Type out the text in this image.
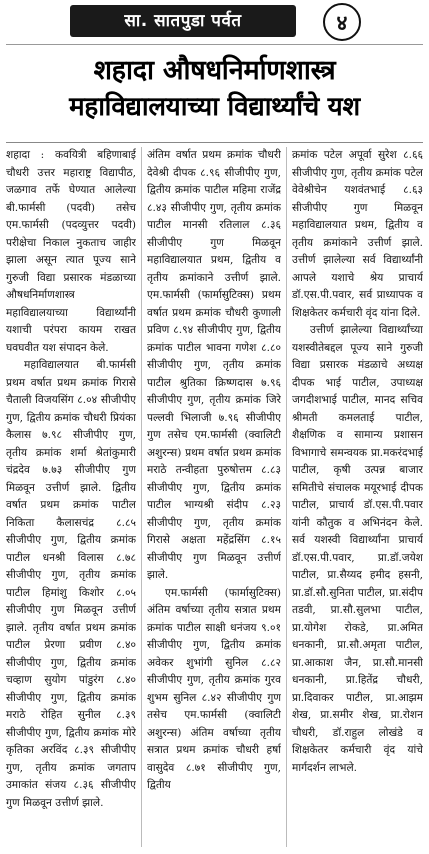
सा. सातपुडा पर्वत	४
शहादा औषधनिर्माणशास्त्र
महाविद्यालयाच्या विद्यार्थ्यांचे यश

शहादा : कवयित्री बहिणाबाई चौधरी उत्तर महाराष्ट्र विद्यापीठ, जळगाव तर्फे घेण्यात आलेल्या बी.फार्मसी (पदवी) तसेच एम.फार्मसी (पदव्युत्तर पदवी) परीक्षेचा निकाल नुकताच जाहीर झाला असून त्यात पूज्य साने गुरुजी विद्या प्रसारक मंडळाच्या औषधनिर्माणशास्त्र महाविद्यालयाच्या विद्यार्थ्यांनी यशाची परंपरा कायम राखत घवघवीत यश संपादन केले.

महाविद्यालयात बी.फार्मसी प्रथम वर्षात प्रथम क्रमांक गिरासे चैताली विजयसिंग ८.०४ सीजीपीए गुण, द्वितीय क्रमांक चौधरी प्रियंका कैलास ७.९८ सीजीपीए गुण, तृतीय क्रमांक शर्मा श्रेतांकुमारी चंद्रदेव ७.७३ सीजीपीए गुण मिळवून उत्तीर्ण झाले. द्वितीय वर्षात प्रथम क्रमांक पाटील निकिता कैलासचंद्र ८.८५ सीजीपीए गुण, द्वितीय क्रमांक पाटील धनश्री विलास ८.७८ सीजीपीए गुण, तृतीय क्रमांक पाटील हिमांशु किशोर ८.०५ सीजीपीए गुण मिळवून उत्तीर्ण झाले. तृतीय वर्षात प्रथम क्रमांक पाटील प्रेरणा प्रवीण ८.४० सीजीपीए गुण, द्वितीय क्रमांक चव्हाण सुयोग पांडुरंग ८.४० सीजीपीए गुण, द्वितीय क्रमांक मराठे रोहित सुनील ८.३९ सीजीपीए गुण, द्वितीय क्रमांक मोरे कृतिका अरविंद ८.३९ सीजीपीए गुण, तृतीय क्रमांक जगताप उमाकांत संजय ८.३६ सीजीपीए गुण मिळवून उत्तीर्ण झाले.

अंतिम वर्षात प्रथम क्रमांक चौधरी देवेश्री दीपक ८.९६ सीजीपीए गुण, द्वितीय क्रमांक पाटील महिमा राजेंद्र ८.४३ सीजीपीए गुण, तृतीय क्रमांक पाटील मानसी रतिलाल ८.३६ सीजीपीए गुण मिळवून महाविद्यालयात प्रथम, द्वितीय व तृतीय क्रमांकाने उत्तीर्ण झाले. एम.फार्मसी (फार्मासुटिक्स) प्रथम वर्षात प्रथम क्रमांक चौधरी कुणाली प्रविण ८.९४ सीजीपीए गुण, द्वितीय क्रमांक पाटील भावना गणेश ८.८० सीजीपीए गुण, तृतीय क्रमांक पाटील श्रुतिका क्रिष्णदास ७.९६ सीजीपीए गुण, तृतीय क्रमांक जिरे पल्लवी भिलाजी ७.९६ सीजीपीए गुण तसेच एम.फार्मसी (क्वालिटी अशुरन्स) प्रथम वर्षात प्रथम क्रमांक मराठे तन्वीहता पुरुषोत्तम ८.८३ सीजीपीए गुण, द्वितीय क्रमांक पाटील भाग्यश्री संदीप ८.२३ सीजीपीए गुण, तृतीय क्रमांक गिरासे अक्षता महेंद्रसिंग ८.१५ सीजीपीए गुण मिळवून उत्तीर्ण झाले.

एम.फार्मसी (फार्मासुटिक्स) अंतिम वर्षाच्या तृतीय सत्रात प्रथम क्रमांक पाटील साक्षी धनंजय ९.०१ सीजीपीए गुण, द्वितीय क्रमांक अवेकर शुभांगी सुनिल ८.८२ सीजीपीए गुण, तृतीय क्रमांक गुरव शुभम सुनिल ८.४२ सीजीपीए गुण तसेच एम.फार्मसी (क्वालिटी अशुरन्स) अंतिम वर्षाच्या तृतीय सत्रात प्रथम क्रमांक चौधरी हर्षा वासुदेव ८.७१ सीजीपीए गुण, द्वितीय

क्रमांक पटेल अपूर्वा सुरेश ८.६६ सीजीपीए गुण, तृतीय क्रमांक पटेल वेवेश्रीचेन यशवंतभाई ८.६३ सीजीपीए गुण मिळवून महाविद्यालयात प्रथम, द्वितीय व तृतीय क्रमांकाने उत्तीर्ण झाले. उत्तीर्ण झालेल्या सर्व विद्यार्थ्यांनी आपले यशाचे श्रेय प्राचार्य डॉ.एस.पी.पवार, सर्व प्राध्यापक व शिक्षकेतर कर्मचारी वृंद यांना दिले.

उत्तीर्ण झालेल्या विद्यार्थ्यांच्या यशस्वीतेबद्दल पूज्य साने गुरुजी विद्या प्रसारक मंडळाचे अध्यक्ष दीपक भाई पाटील, उपाध्यक्ष जगदीशभाई पाटील, मानद सचिव श्रीमती कमलताई पाटील, शैक्षणिक व सामान्य प्रशासन विभागाचे समन्वयक प्रा.मकरंदभाई पाटील, कृषी उत्पन्न बाजार समितीचे संचालक मयूरभाई दीपक पाटील, प्राचार्य डॉ.एस.पी.पवार यांनी कौतुक व अभिनंदन केले. सर्व यशस्वी विद्यार्थ्यांना प्राचार्य डॉ.एस.पी.पवार, प्रा.डॉ.जयेश पाटील, प्रा.सैय्यद हमीद हसनी, प्रा.डॉ.सौ.सुनिता पाटील, प्रा.संदीप तडवी, प्रा.सौ.सुलभा पाटील, प्रा.योगेश रोकडे, प्रा.अमित धनकानी, प्रा.सौ.अमृता पाटील, प्रा.आकाश जैन, प्रा.सौ.मानसी धनकानी, प्रा.हितेंद्र चौधरी, प्रा.दिवाकर पाटील, प्रा.आझम शेख, प्रा.समीर शेख, प्रा.रोशन चौधरी, डॉ.राहुल लोखंडे व शिक्षकेतर कर्मचारी वृंद यांचे मार्गदर्शन लाभले.
